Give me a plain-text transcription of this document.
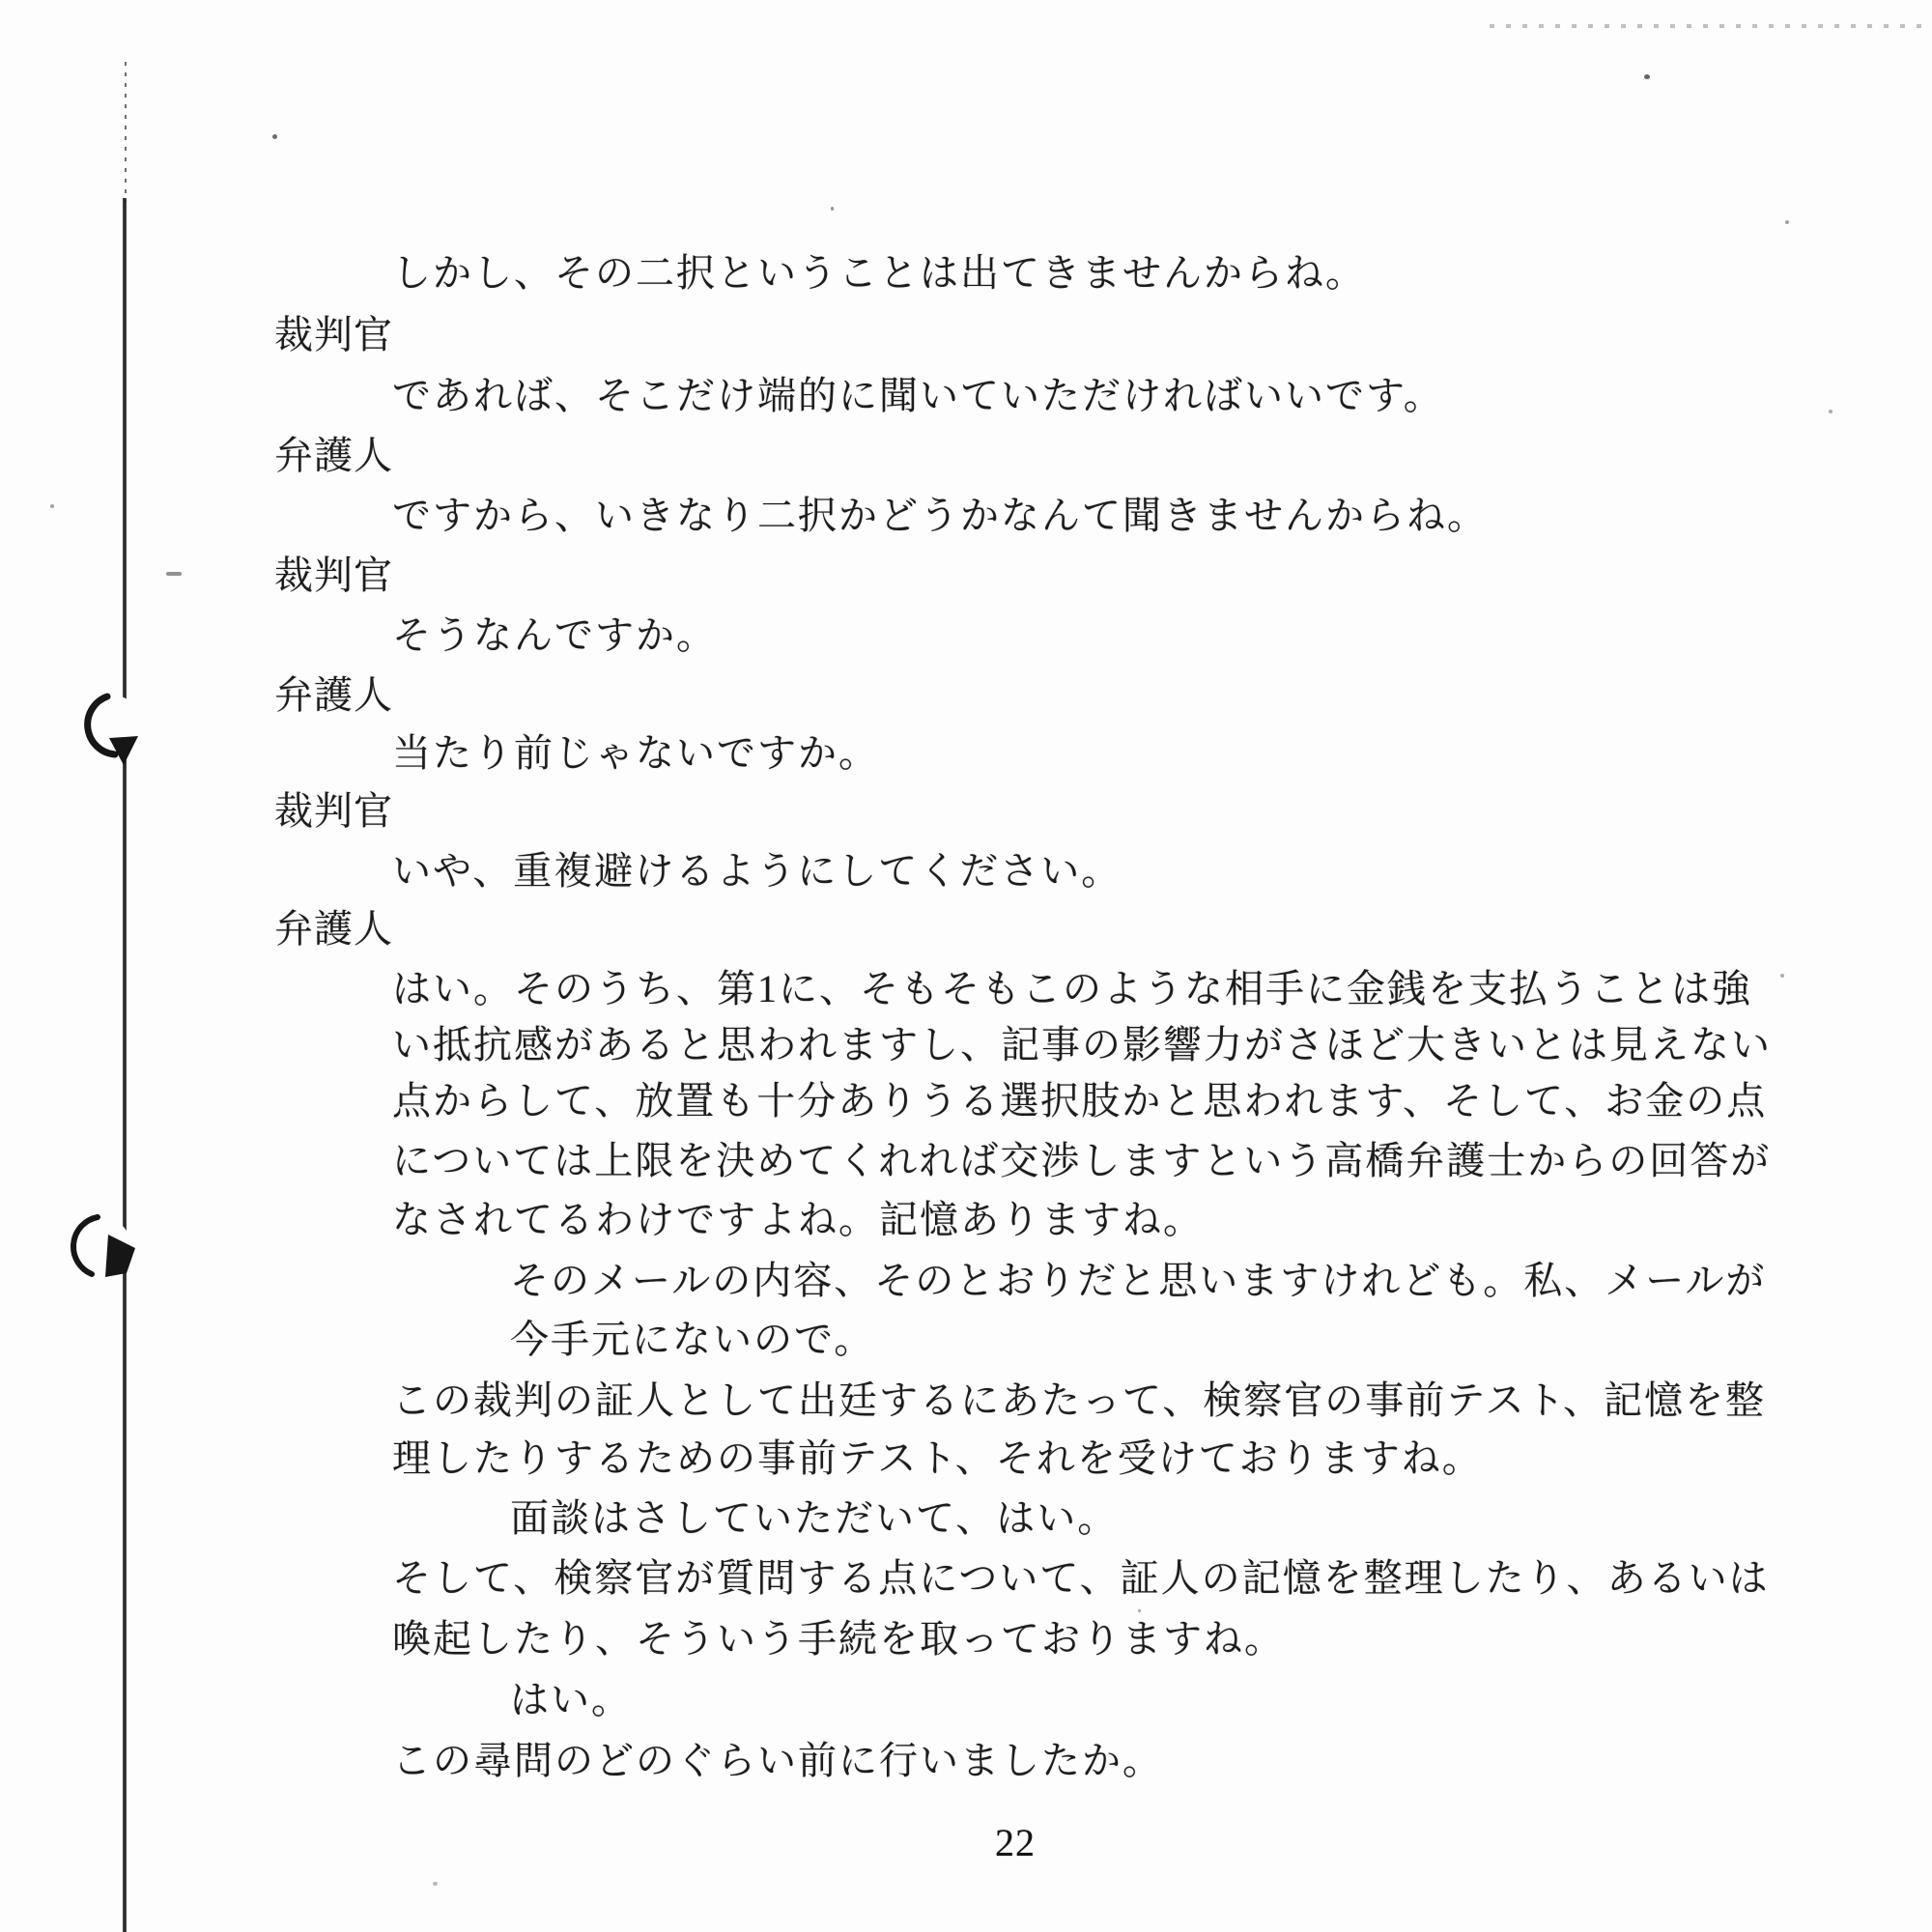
しかし、その二択ということは出てきませんからね。
裁判官
であれば、そこだけ端的に聞いていただければいいです。
弁護人
ですから、いきなり二択かどうかなんて聞きませんからね。
裁判官
そうなんですか。
弁護人
当たり前じゃないですか。
裁判官
いや、重複避けるようにしてください。
弁護人
はい。そのうち、第1に、そもそもこのような相手に金銭を支払うことは強
い抵抗感があると思われますし、記事の影響力がさほど大きいとは見えない
点からして、放置も十分ありうる選択肢かと思われます、そして、お金の点
については上限を決めてくれれば交渉しますという高橋弁護士からの回答が
なされてるわけですよね。記憶ありますね。
そのメールの内容、そのとおりだと思いますけれども。私、メールが
今手元にないので。
この裁判の証人として出廷するにあたって、検察官の事前テスト、記憶を整
理したりするための事前テスト、それを受けておりますね。
面談はさしていただいて、はい。
そして、検察官が質問する点について、証人の記憶を整理したり、あるいは
喚起したり、そういう手続を取っておりますね。
はい。
この尋問のどのぐらい前に行いましたか。
22
